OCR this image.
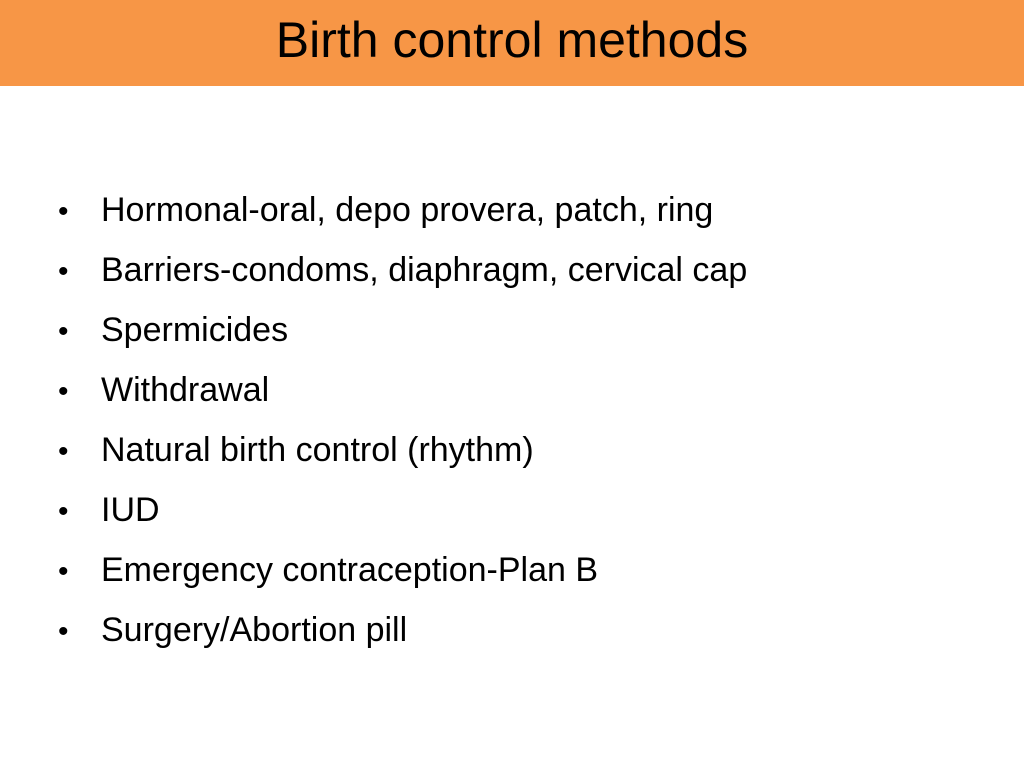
Birth control methods
• Hormonal-oral, depo provera, patch, ring
• Barriers-condoms, diaphragm, cervical cap
• Spermicides
• Withdrawal
• Natural birth control (rhythm)
• IUD
• Emergency contraception-Plan B
• Surgery/Abortion pill
